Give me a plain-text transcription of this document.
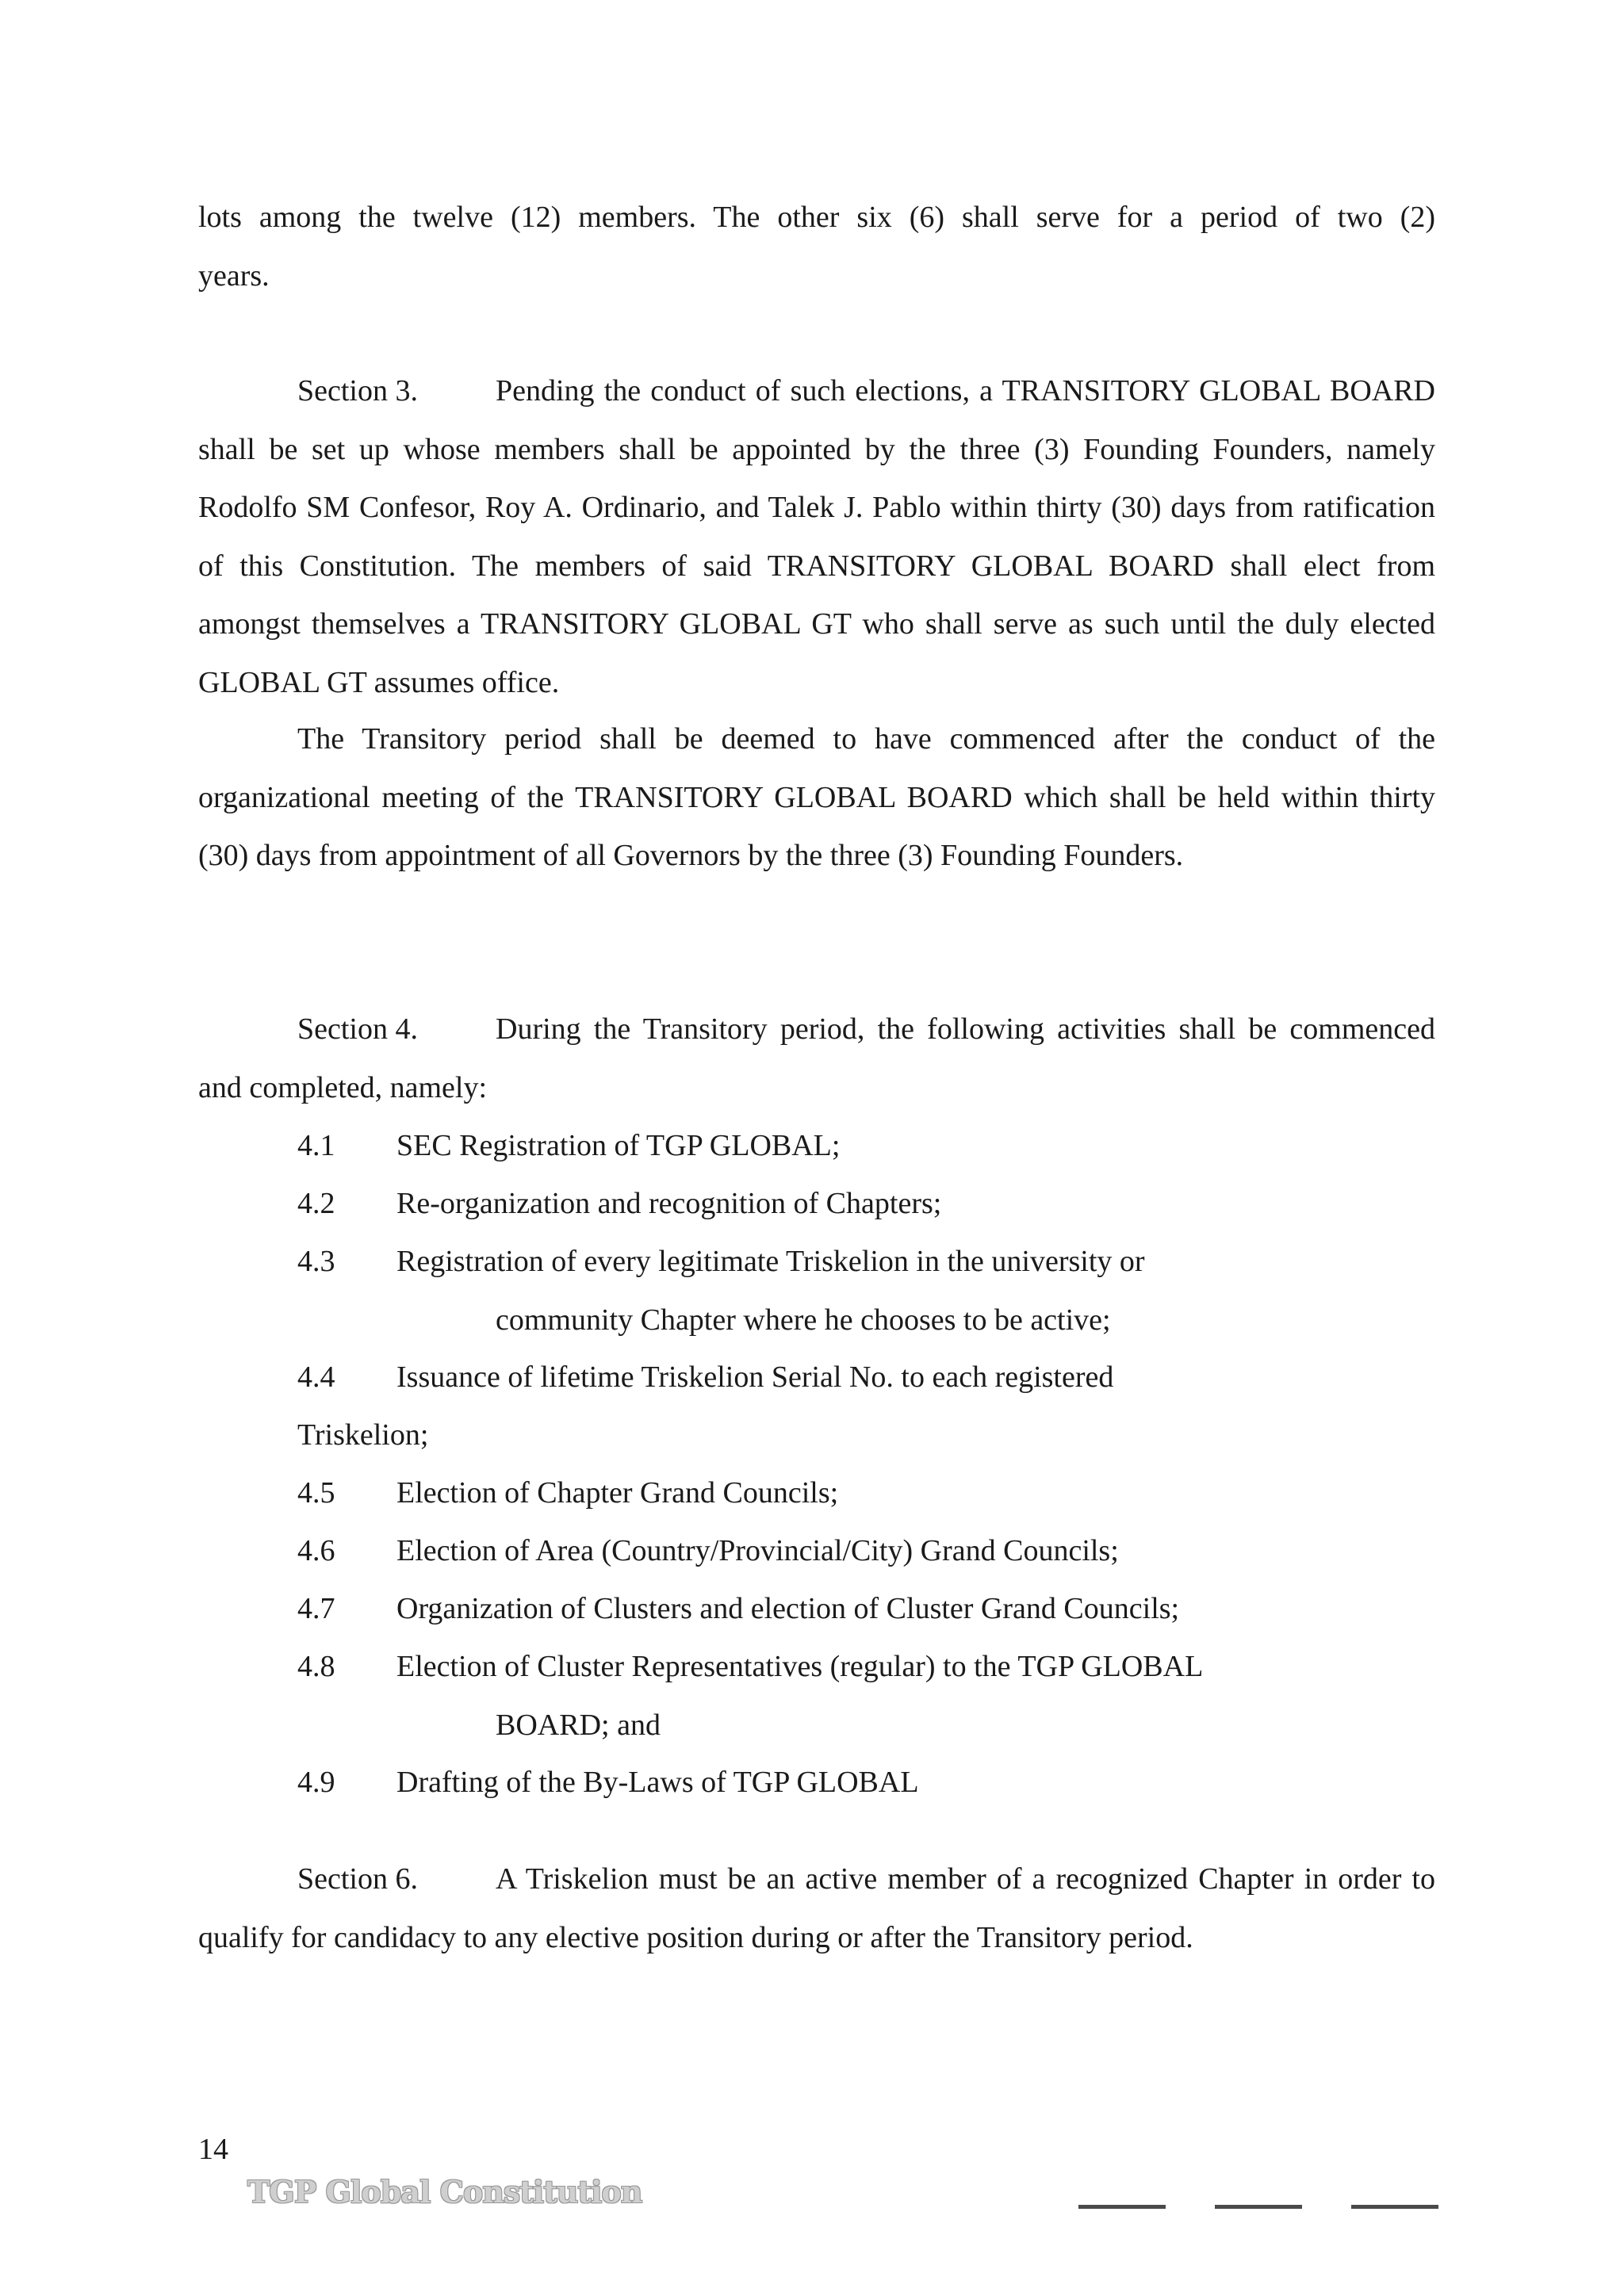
lots among the twelve (12) members. The other six (6) shall serve for a period of two (2)
years.

Section 3.	Pending the conduct of such elections, a TRANSITORY GLOBAL BOARD shall be set up whose members shall be appointed by the three (3) Founding Founders, namely Rodolfo SM Confesor, Roy A. Ordinario, and Talek J. Pablo within thirty (30) days from ratification of this Constitution. The members of said TRANSITORY GLOBAL BOARD shall elect from amongst themselves a TRANSITORY GLOBAL GT who shall serve as such until the duly elected GLOBAL GT assumes office.

The Transitory period shall be deemed to have commenced after the conduct of the organizational meeting of the TRANSITORY GLOBAL BOARD which shall be held within thirty (30) days from appointment of all Governors by the three (3) Founding Founders.

Section 4.	During the Transitory period, the following activities shall be commenced and completed, namely:

4.1	SEC Registration of TGP GLOBAL;

4.2	Re-organization and recognition of Chapters;

4.3	Registration of every legitimate Triskelion in the university or
community Chapter where he chooses to be active;

4.4	Issuance of lifetime Triskelion Serial No. to each registered

Triskelion;

4.5	Election of Chapter Grand Councils;

4.6	Election of Area (Country/Provincial/City) Grand Councils;

4.7	Organization of Clusters and election of Cluster Grand Councils;

4.8	Election of Cluster Representatives (regular) to the TGP GLOBAL
BOARD; and

4.9	Drafting of the By-Laws of TGP GLOBAL

Section 6.	A Triskelion must be an active member of a recognized Chapter in order to qualify for candidacy to any elective position during or after the Transitory period.

14
TGP Global Constitution
